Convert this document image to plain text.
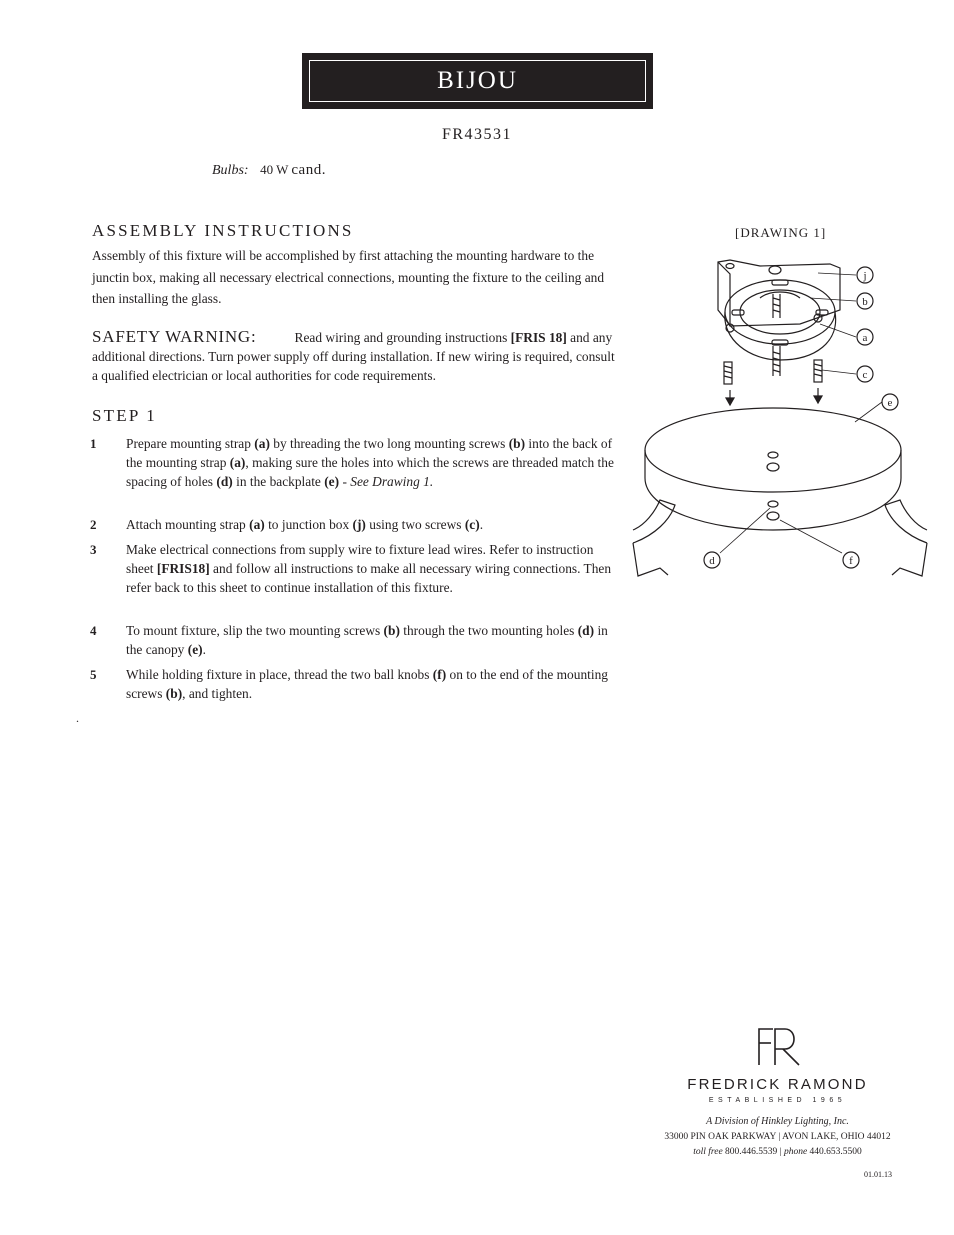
BIJOU
FR43531
Bulbs: 40 W cand.
ASSEMBLY INSTRUCTIONS	[DRAWING 1]
Assembly of this fixture will be accomplished by first attaching the mounting hardware to the junctin box, making all necessary electrical connections, mounting the fixture to the ceiling and then installing the glass.
SAFETY WARNING:	Read wiring and grounding instructions [FRIS 18] and any additional directions. Turn power supply off during installation. If new wiring is required, consult a qualified electrician or local authorities for code requirements.
STEP 1
1 Prepare mounting strap (a) by threading the two long mounting screws (b) into the back of the mounting strap (a), making sure the holes into which the screws are threaded match the spacing of holes (d) in the backplate (e) - See Drawing 1.
2 Attach mounting strap (a) to junction box (j) using two screws (c).
3 Make electrical connections from supply wire to fixture lead wires. Refer to instruction sheet [FRIS18] and follow all instructions to make all necessary wiring connections. Then refer back to this sheet to continue installation of this fixture.
4 To mount fixture, slip the two mounting screws (b) through the two mounting holes (d) in the canopy (e).
5 While holding fixture in place, thread the two ball knobs (f) on to the end of the mounting screws (b), and tighten.
.
j
b
a
c
e
d	f
FREDRICK RAMOND
ESTABLISHED 1965
A Division of Hinkley Lighting, Inc.
33000 PIN OAK PARKWAY | AVON LAKE, OHIO 44012
toll free 800.446.5539 | phone 440.653.5500
01.01.13
